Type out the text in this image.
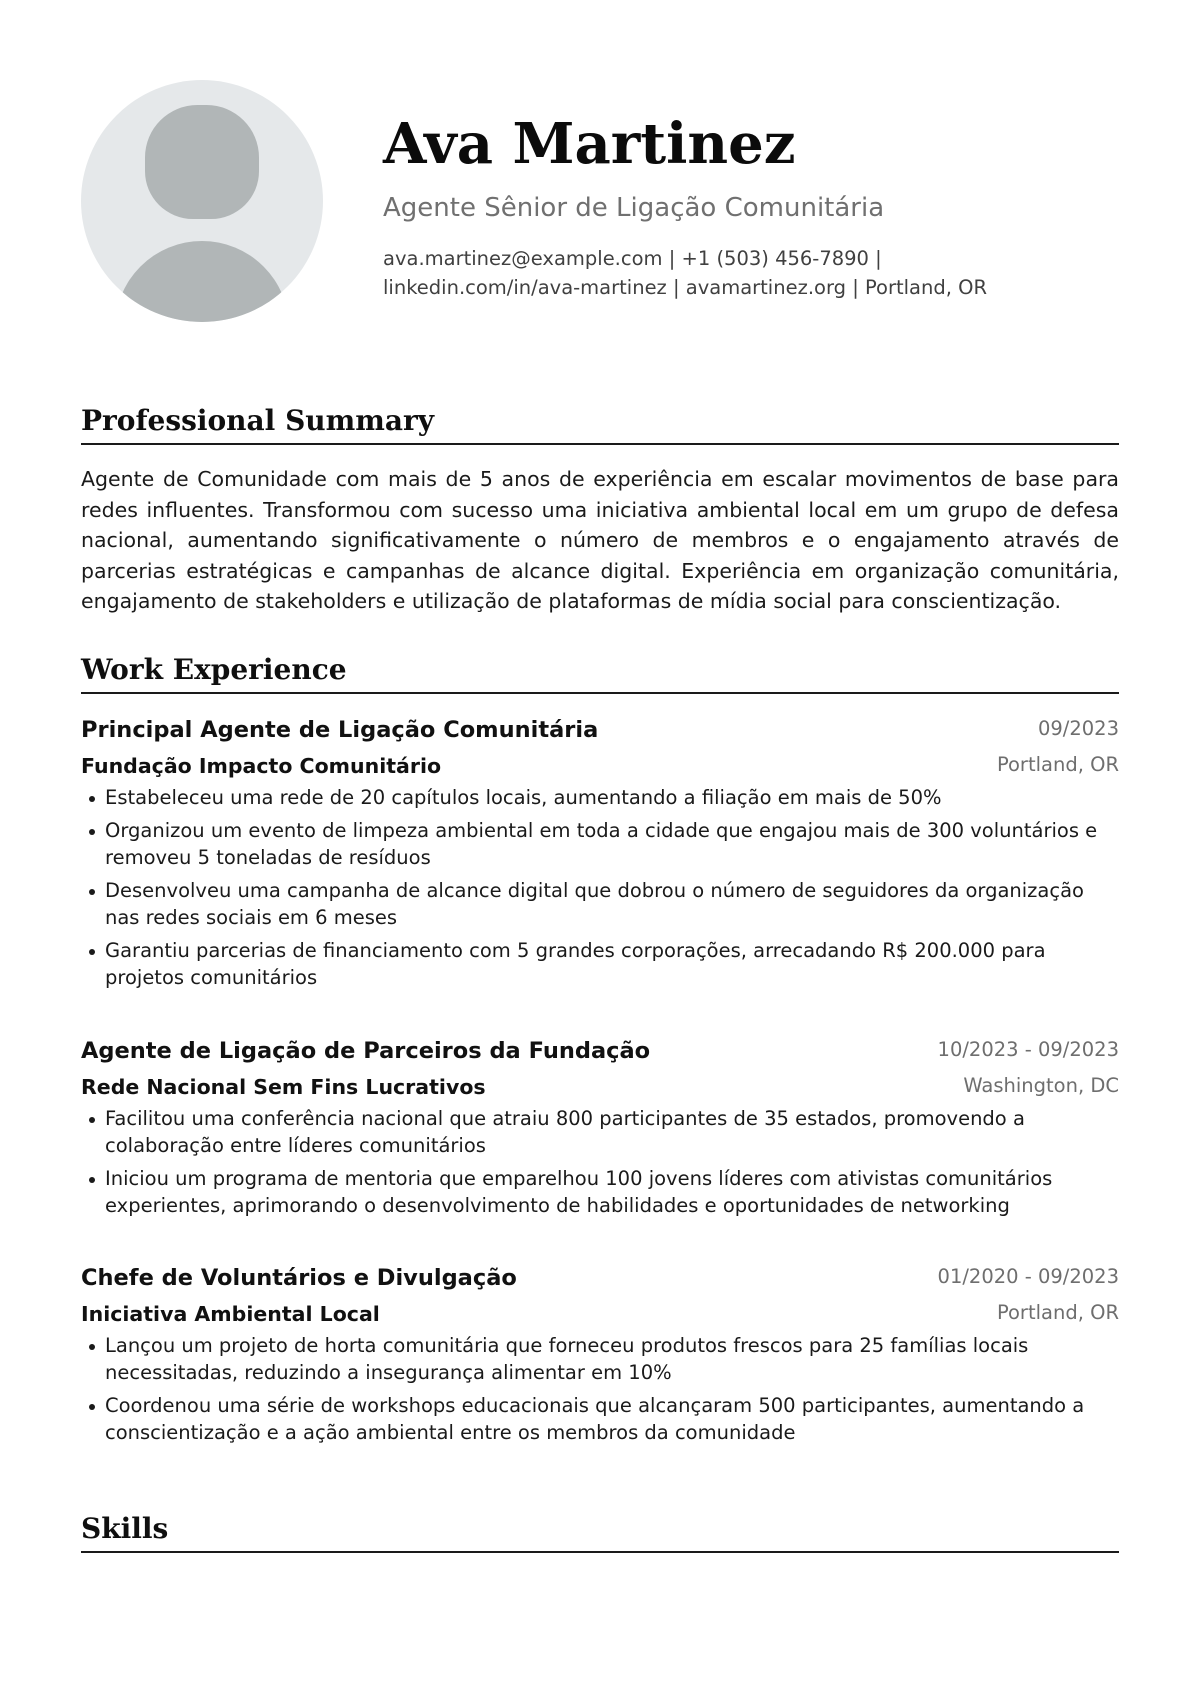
Ava Martinez
Agente Sênior de Ligação Comunitária
ava.martinez@example.com | +1 (503) 456-7890 |
linkedin.com/in/ava-martinez | avamartinez.org | Portland, OR
Professional Summary
Agente de Comunidade com mais de 5 anos de experiência em escalar movimentos de base para redes influentes. Transformou com sucesso uma iniciativa ambiental local em um grupo de defesa nacional, aumentando significativamente o número de membros e o engajamento através de parcerias estratégicas e campanhas de alcance digital. Experiência em organização comunitária, engajamento de stakeholders e utilização de plataformas de mídia social para conscientização.
Work Experience
Principal Agente de Ligação Comunitária	09/2023
Fundação Impacto Comunitário	Portland, OR
Estabeleceu uma rede de 20 capítulos locais, aumentando a filiação em mais de 50%
Organizou um evento de limpeza ambiental em toda a cidade que engajou mais de 300 voluntários e removeu 5 toneladas de resíduos
Desenvolveu uma campanha de alcance digital que dobrou o número de seguidores da organização nas redes sociais em 6 meses
Garantiu parcerias de financiamento com 5 grandes corporações, arrecadando R$ 200.000 para projetos comunitários
Agente de Ligação de Parceiros da Fundação	10/2023 - 09/2023
Rede Nacional Sem Fins Lucrativos	Washington, DC
Facilitou uma conferência nacional que atraiu 800 participantes de 35 estados, promovendo a colaboração entre líderes comunitários
Iniciou um programa de mentoria que emparelhou 100 jovens líderes com ativistas comunitários experientes, aprimorando o desenvolvimento de habilidades e oportunidades de networking
Chefe de Voluntários e Divulgação	01/2020 - 09/2023
Iniciativa Ambiental Local	Portland, OR
Lançou um projeto de horta comunitária que forneceu produtos frescos para 25 famílias locais necessitadas, reduzindo a insegurança alimentar em 10%
Coordenou uma série de workshops educacionais que alcançaram 500 participantes, aumentando a conscientização e a ação ambiental entre os membros da comunidade
Skills
